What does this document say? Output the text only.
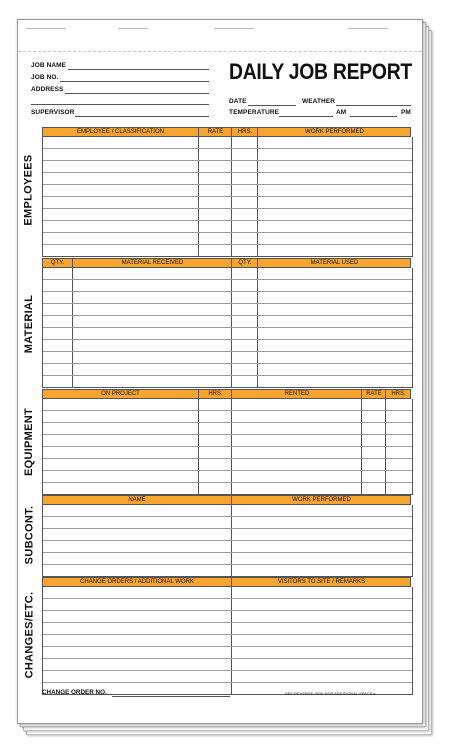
JOB NAME
JOB NO.
ADDRESS
SUPERVISOR
DAILY JOB REPORT
DATE	WEATHER
TEMPERATURE	AM	PM
EMPLOYEES
EMPLOYEE / CLASSIFICATION	RATE	HRS.	WORK PERFORMED
MATERIAL
QTY.	MATERIAL RECEIVED	QTY.	MATERIAL USED
EQUIPMENT
ON PROJECT	HRS.	RENTED	RATE	HRS.
SUBCONT.
NAME	WORK PERFORMED
CHANGES/ETC.
CHANGE ORDERS / ADDITIONAL WORK	VISITORS TO SITE / REMARKS
CHANGE ORDER NO.	SEE REVERSE SIDE FOR ADDITIONAL SPACE ▸
